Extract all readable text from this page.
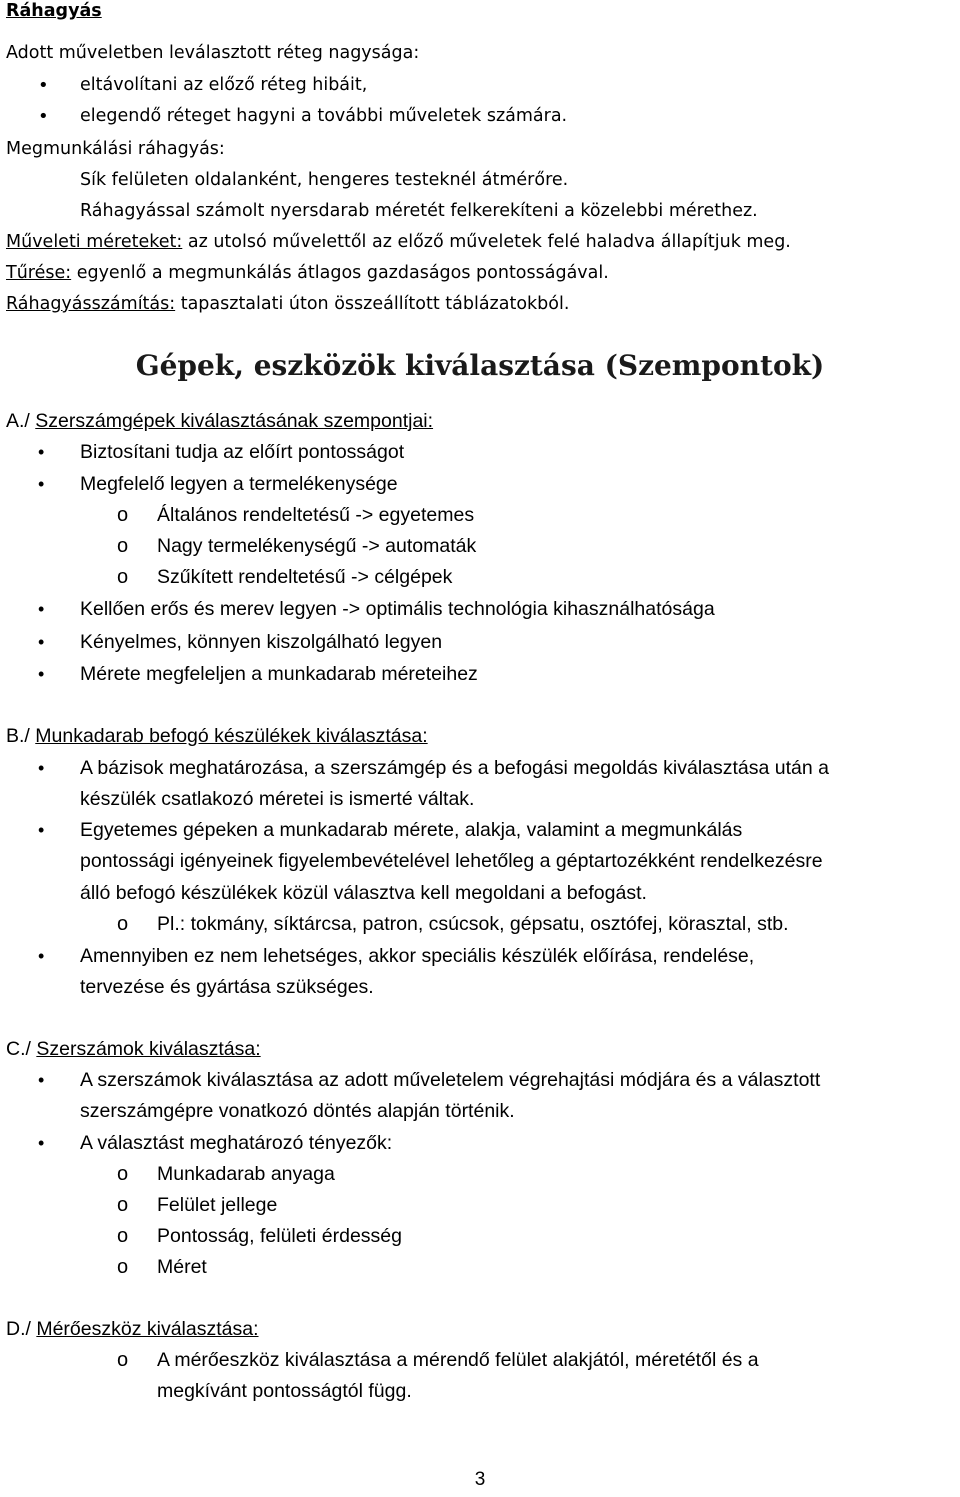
Ráhagyás
Adott műveletben leválasztott réteg nagysága:
• eltávolítani az előző réteg hibáit,
• elegendő réteget hagyni a további műveletek számára.
Megmunkálási ráhagyás:
Sík felületen oldalanként, hengeres testeknél átmérőre.
Ráhagyással számolt nyersdarab méretét felkerekíteni a közelebbi mérethez.
Műveleti méreteket: az utolsó művelettől az előző műveletek felé haladva állapítjuk meg.
Tűrése: egyenlő a megmunkálás átlagos gazdaságos pontosságával.
Ráhagyásszámítás: tapasztalati úton összeállított táblázatokból.
Gépek, eszközök kiválasztása (Szempontok)
A./ Szerszámgépek kiválasztásának szempontjai:
• Biztosítani tudja az előírt pontosságot
• Megfelelő legyen a termelékenysége
o Általános rendeltetésű -> egyetemes
o Nagy termelékenységű -> automaták
o Szűkített rendeltetésű -> célgépek
• Kellően erős és merev legyen -> optimális technológia kihasználhatósága
• Kényelmes, könnyen kiszolgálható legyen
• Mérete megfeleljen a munkadarab méreteihez
B./ Munkadarab befogó készülékek kiválasztása:
• A bázisok meghatározása, a szerszámgép és a befogási megoldás kiválasztása után a
készülék csatlakozó méretei is ismerté váltak.
• Egyetemes gépeken a munkadarab mérete, alakja, valamint a megmunkálás
pontossági igényeinek figyelembevételével lehetőleg a géptartozékként rendelkezésre
álló befogó készülékek közül választva kell megoldani a befogást.
o Pl.: tokmány, síktárcsa, patron, csúcsok, gépsatu, osztófej, körasztal, stb.
• Amennyiben ez nem lehetséges, akkor speciális készülék előírása, rendelése,
tervezése és gyártása szükséges.
C./ Szerszámok kiválasztása:
• A szerszámok kiválasztása az adott műveletelem végrehajtási módjára és a választott
szerszámgépre vonatkozó döntés alapján történik.
• A választást meghatározó tényezők:
o Munkadarab anyaga
o Felület jellege
o Pontosság, felületi érdesség
o Méret
D./ Mérőeszköz kiválasztása:
o A mérőeszköz kiválasztása a mérendő felület alakjától, méretétől és a
megkívánt pontosságtól függ.
3
